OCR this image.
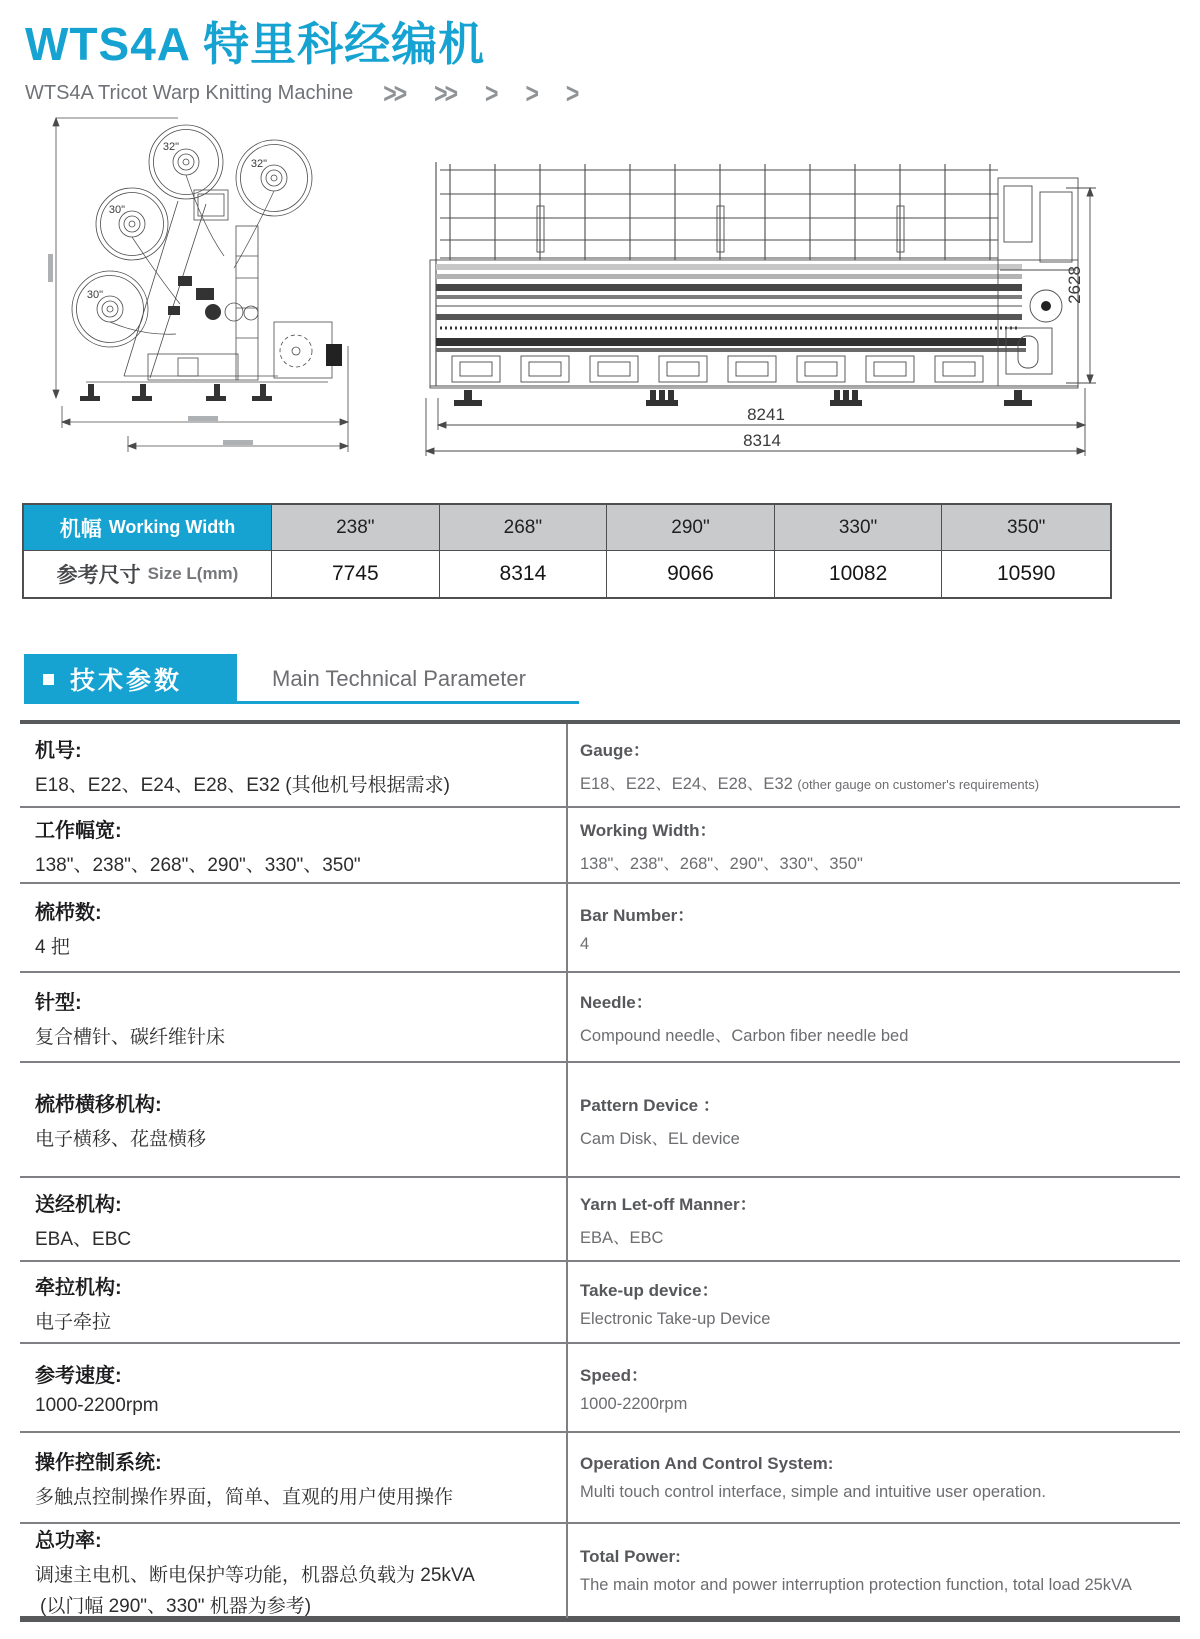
WTS4A 特里科经编机
WTS4A Tricot Warp Knitting Machine >> >> > > >
32"
32"
30"
30"
8241
8314
2628
机幅 Working Width	238"	268"	290"	330"	350"
参考尺寸 Size L(mm)	7745	8314	9066	10082	10590
技术参数	Main Technical Parameter
机号:
E18、E22、E24、E28、E32 (其他机号根据需求)
Gauge：
E18、E22、E24、E28、E32 (other gauge on customer's requirements)
工作幅宽:
138"、238"、268"、290"、330"、350"
Working Width：
138"、238"、268"、290"、330"、350"
梳栉数:
4 把
Bar Number：
4
针型:
复合槽针、碳纤维针床
Needle：
Compound needle、Carbon fiber needle bed
梳栉横移机构:
电子横移、花盘横移
Pattern Device ：
Cam Disk、EL device
送经机构:
EBA、EBC
Yarn Let-off Manner：
EBA、EBC
牵拉机构:
电子牵拉
Take-up device：
Electronic Take-up Device
参考速度:
1000-2200rpm
Speed：
1000-2200rpm
操作控制系统:
多触点控制操作界面，简单、直观的用户使用操作
Operation And Control System:
Multi touch control interface, simple and intuitive user operation.
总功率:
调速主电机、断电保护等功能，机器总负载为 25kVA
(以门幅 290"、330" 机器为参考)
Total Power:
The main motor and power interruption protection function, total load 25kVA
